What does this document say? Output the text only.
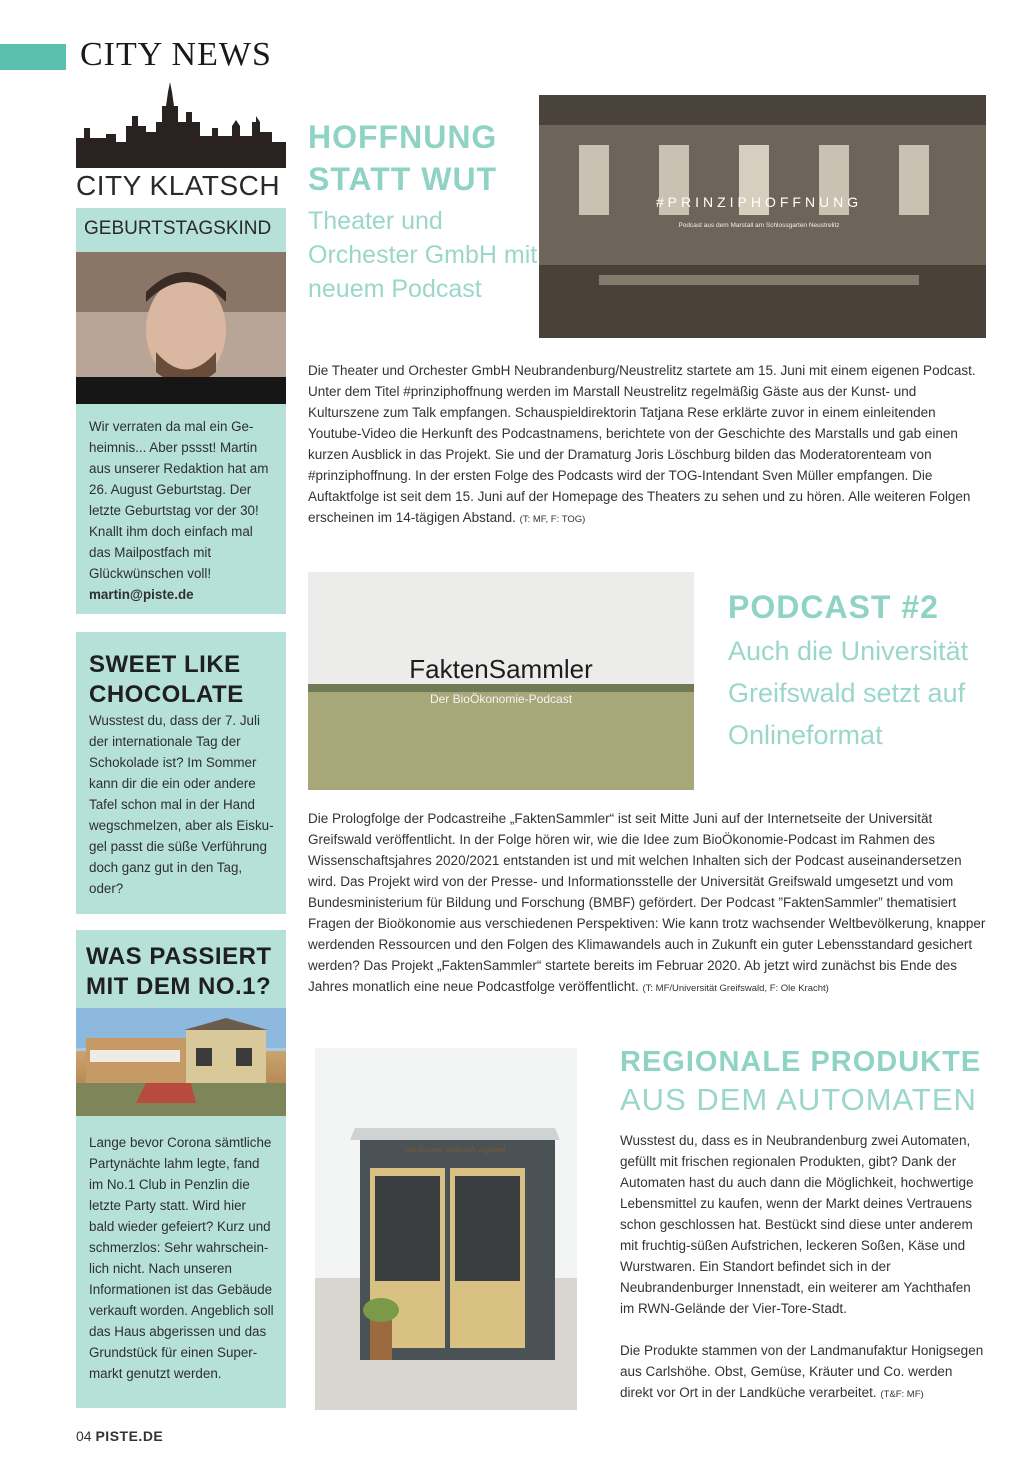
CITY NEWS
CITY KLATSCH
GEBURTSTAGSKIND
Wir verraten da mal ein Geheimnis... Aber pssst! Martin aus unserer Redaktion hat am 26. August Geburtstag. Der letzte Geburtstag vor der 30! Knallt ihm doch einfach mal das Mailpostfach mit Glückwünschen voll!
martin@piste.de
SWEET LIKE CHOCOLATE
Wusstest du, dass der 7. Juli der internationale Tag der Schokolade ist? Im Sommer kann dir die ein oder andere Tafel schon mal in der Hand wegschmelzen, aber als Eiskugel passt die süße Verführung doch ganz gut in den Tag, oder?
WAS PASSIERT MIT DEM NO.1?
Lange bevor Corona sämtliche Partynächte lahm legte, fand im No.1 Club in Penzlin die letzte Party statt. Wird hier bald wieder gefeiert? Kurz und schmerzlos: Sehr wahrscheinlich nicht. Nach unseren Informationen ist das Gebäude verkauft worden. Angeblich soll das Haus abgerissen und das Grundstück für einen Supermarkt genutzt werden.
HOFFNUNG STATT WUT
Theater und Orchester GmbH mit neuem Podcast
#PRINZIPHOFFNUNG
Podcast aus dem Marstall am Schlossgarten Neustrelitz
Die Theater und Orchester GmbH Neubrandenburg/Neustrelitz startete am 15. Juni mit einem eigenen Podcast. Unter dem Titel #prinziphoffnung werden im Marstall Neustrelitz regelmäßig Gäste aus der Kunst- und Kulturszene zum Talk empfangen. Schauspieldirektorin Tatjana Rese erklärte zuvor in einem einleitenden Youtube-Video die Herkunft des Podcastnamens, berichtete von der Geschichte des Marstalls und gab einen kurzen Ausblick in das Projekt. Sie und der Dramaturg Joris Löschburg bilden das Moderatorenteam von #prinziphoffnung. In der ersten Folge des Podcasts wird der TOG-Intendant Sven Müller empfangen. Die Auftaktfolge ist seit dem 15. Juni auf der Homepage des Theaters zu sehen und zu hören. Alle weiteren Folgen erscheinen im 14-tägigen Abstand. (T: MF, F: TOG)
FaktenSammler
Der BioÖkonomie-Podcast
PODCAST #2
Auch die Universität Greifswald setzt auf Onlineformat
Die Prologfolge der Podcastreihe „FaktenSammler“ ist seit Mitte Juni auf der Internetseite der Universität Greifswald veröffentlicht. In der Folge hören wir, wie die Idee zum BioÖkonomie-Podcast im Rahmen des Wissenschaftsjahres 2020/2021 entstanden ist und mit welchen Inhalten sich der Podcast auseinandersetzen wird. Das Projekt wird von der Presse- und Informationsstelle der Universität Greifswald umgesetzt und vom Bundesministerium für Bildung und Forschung (BMBF) gefördert. Der Podcast ”FaktenSammler” thematisiert Fragen der Bioökonomie aus verschiedenen Perspektiven: Wie kann trotz wachsender Weltbevölkerung, knapper werdenden Ressourcen und den Folgen des Klimawandels auch in Zukunft ein guter Lebensstandard gesichert werden? Das Projekt „FaktenSammler“ startete bereits im Februar 2020. Ab jetzt wird zunächst bis Ende des Jahres monatlich eine neue Podcastfolge veröffentlicht. (T: MF/Universität Greifswald, F: Ole Kracht)
Von Herzen, natürlich, regional
REGIONALE PRODUKTE
AUS DEM AUTOMATEN
Wusstest du, dass es in Neubrandenburg zwei Automaten, gefüllt mit frischen regionalen Produkten, gibt? Dank der Automaten hast du auch dann die Möglichkeit, hochwertige Lebensmittel zu kaufen, wenn der Markt deines Vertrauens schon geschlossen hat. Bestückt sind diese unter anderem mit fruchtig-süßen Aufstrichen, leckeren Soßen, Käse und Wurstwaren. Ein Standort befindet sich in der Neubrandenburger Innenstadt, ein weiterer am Yachthafen im RWN-Gelände der Vier-Tore-Stadt.
Die Produkte stammen von der Landmanufaktur Honigsegen aus Carlshöhe. Obst, Gemüse, Kräuter und Co. werden direkt vor Ort in der Landküche verarbeitet. (T&F: MF)
04 PISTE.DE
